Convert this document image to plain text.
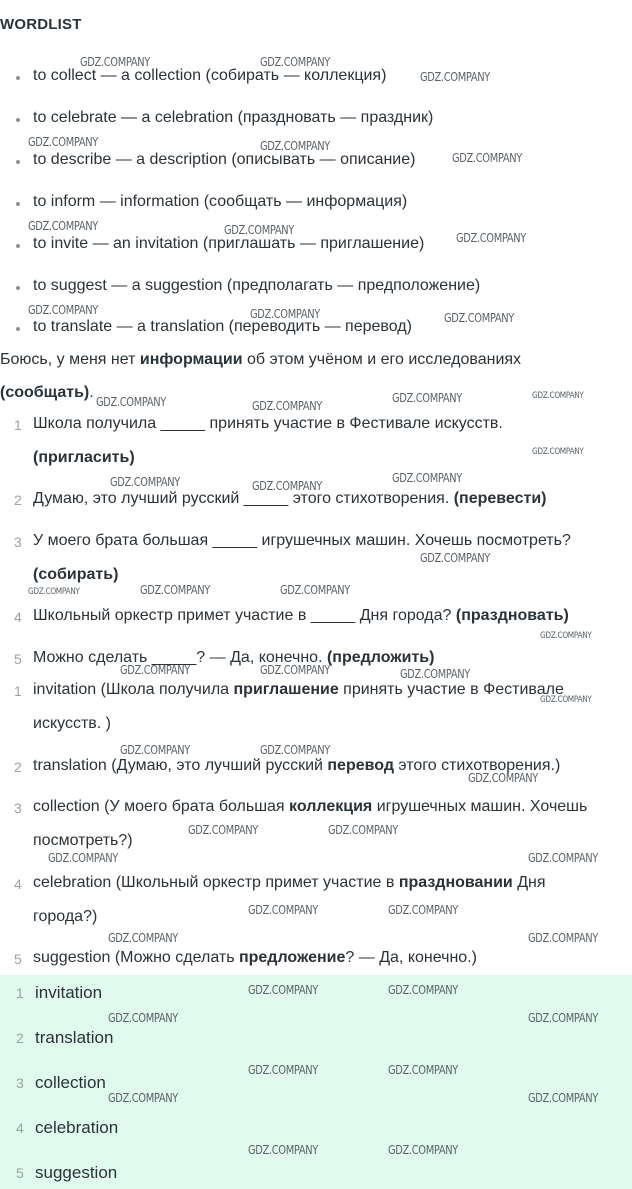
WORDLIST
to collect — a collection (собирать — коллекция)
to celebrate — a celebration (праздновать — праздник)
to describe — a description (описывать — описание)
to inform — information (сообщать — информация)
to invite — an invitation (приглашать — приглашение)
to suggest — a suggestion (предполагать — предположение)
to translate — a translation (переводить — перевод)
Боюсь, у меня нет информации об этом учёном и его исследованиях
(сообщать).
1 Школа получила _____ принять участие в Фестивале искусств.
(пригласить)
2 Думаю, это лучший русский _____ этого стихотворения. (перевести)
3 У моего брата большая _____ игрушечных машин. Хочешь посмотреть?
(собирать)
4 Школьный оркестр примет участие в _____ Дня города? (праздновать)
5 Можно сделать _____? — Да, конечно. (предложить)
1 invitation (Школа получила приглашение принять участие в Фестивале
искусств. )
2 translation (Думаю, это лучший русский перевод этого стихотворения.)
3 collection (У моего брата большая коллекция игрушечных машин. Хочешь
посмотреть?)
4 celebration (Школьный оркестр примет участие в праздновании Дня
города?)
5 suggestion (Можно сделать предложение? — Да, конечно.)
1 invitation
2 translation
3 collection
4 celebration
5 suggestion
GDZ.COMPANY	GDZ.COMPANY
GDZ.COMPANY
GDZ.COMPANY	GDZ.COMPANY
GDZ.COMPANY
GDZ.COMPANY	GDZ.COMPANY
GDZ.COMPANY
GDZ.COMPANY	GDZ.COMPANY	GDZ.COMPANY
GDZ.COMPANY	GDZ.COMPANY
GDZ.COMPANY	GDZ.COMPANY
GDZ.COMPANY
GDZ.COMPANY	GDZ.COMPANY
GDZ.COMPANY
GDZ.COMPANY
GDZ.COMPANY	GDZ.COMPANY	GDZ.COMPANY
GDZ.COMPANY
GDZ.COMPANY	GDZ.COMPANY	GDZ.COMPANY
GDZ.COMPANY
GDZ.COMPANY	GDZ.COMPANY
GDZ.COMPANY
GDZ.COMPANY	GDZ.COMPANY
GDZ.COMPANY	GDZ.COMPANY
GDZ.COMPANY	GDZ.COMPANY
GDZ.COMPANY	GDZ.COMPANY
GDZ.COMPANY	GDZ.COMPANY
GDZ.COMPANY	GDZ.COMPANY
GDZ.COMPANY	GDZ.COMPANY
GDZ.COMPANY	GDZ.COMPANY
GDZ.COMPANY	GDZ.COMPANY
